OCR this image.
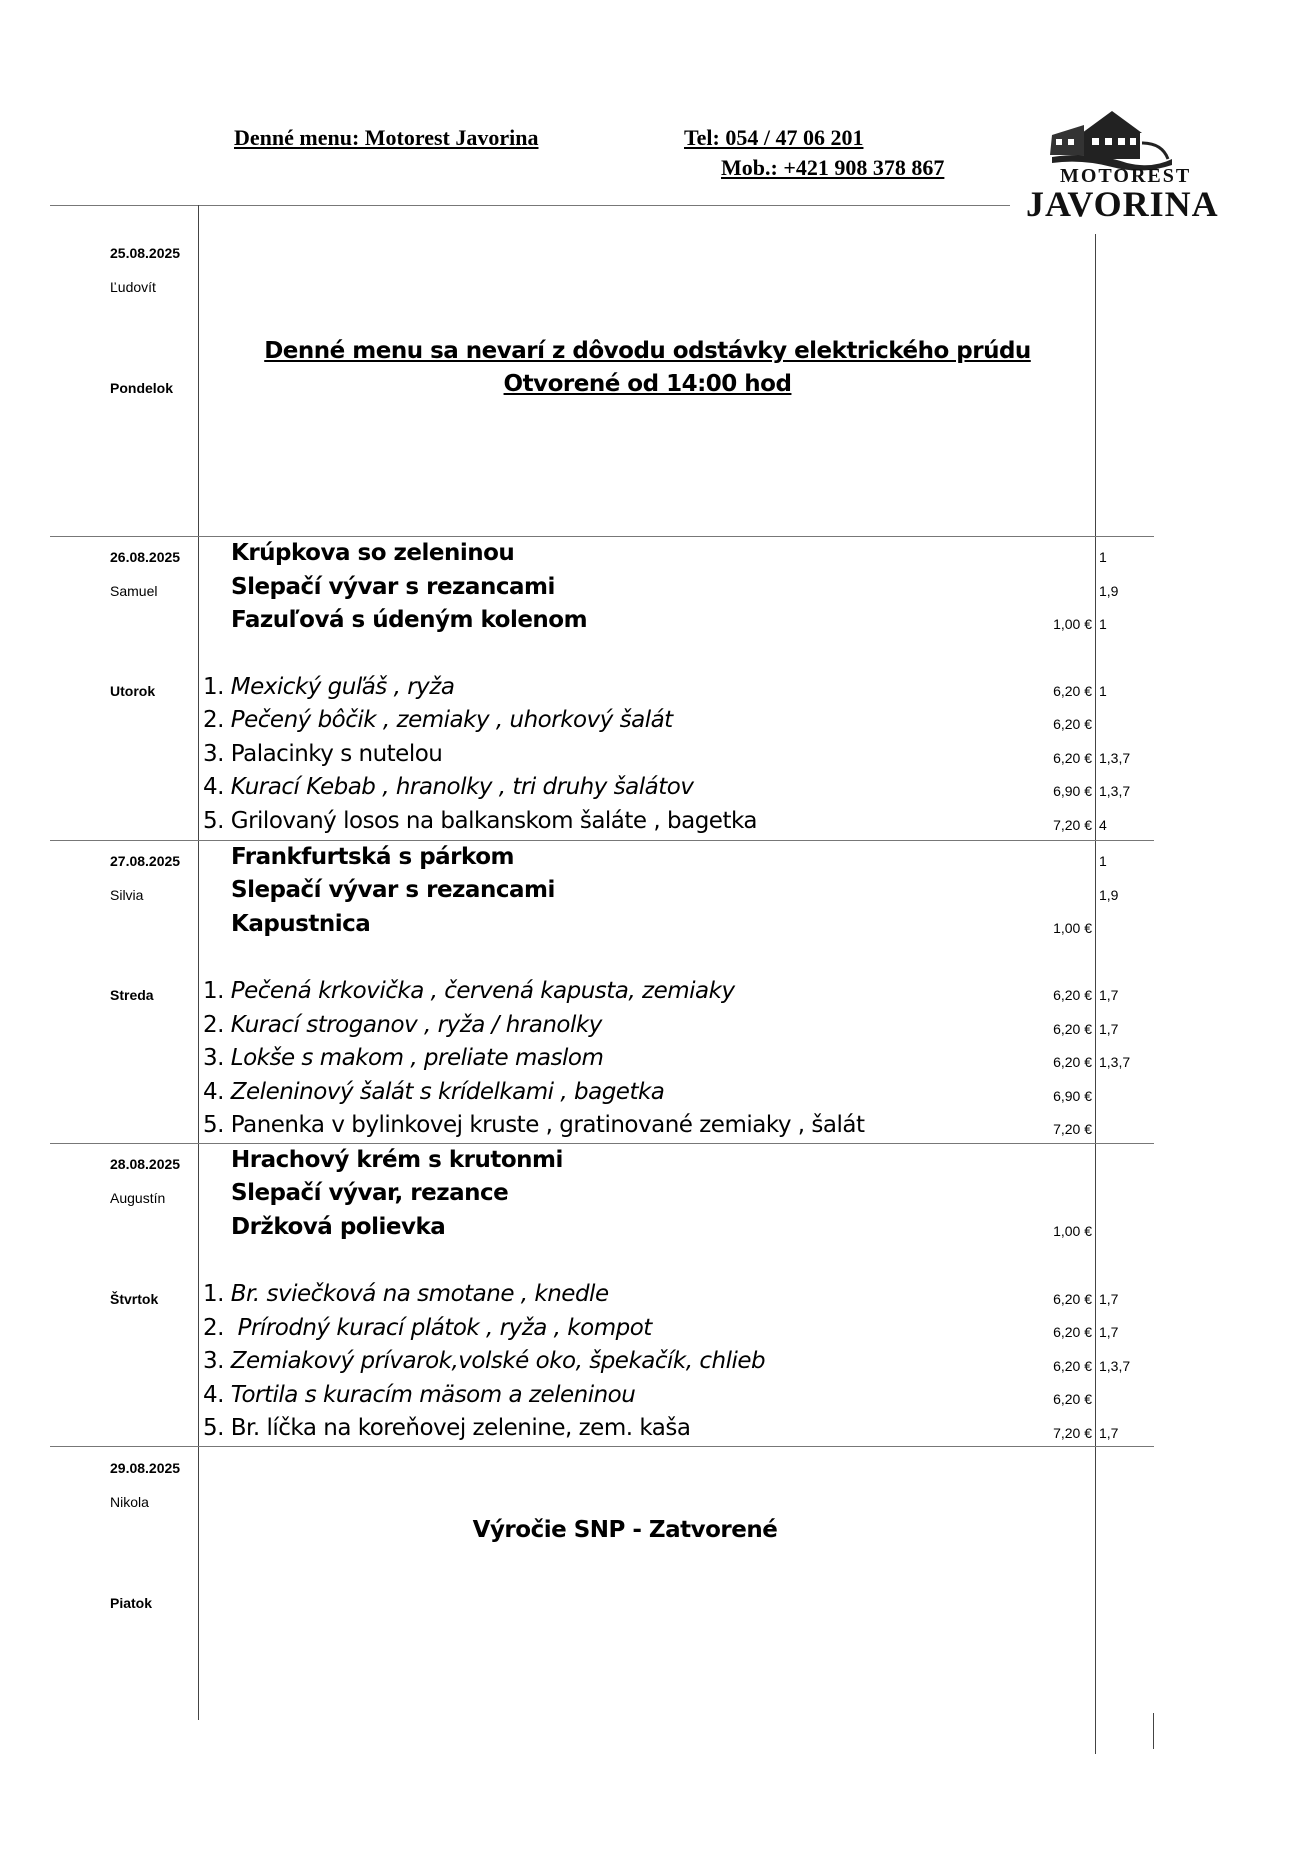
Denné menu: Motorest Javorina	Tel: 054 / 47 06 201
Mob.: +421 908 378 867	MOTOREST
JAVORINA
25.08.2025
Ľudovít
Pondelok
Denné menu sa nevarí z dôvodu odstávky elektrického prúdu
Otvorené od 14:00 hod
26.08.2025
Samuel
Utorok
Krúpkova so zeleninou	1
Slepačí vývar s rezancami	1,9
Fazuľová s údeným kolenom	1,00 € 1
1. Mexický guľáš , ryža	6,20 € 1
2. Pečený bôčik , zemiaky , uhorkový šalát	6,20 €
3. Palacinky s nutelou	6,20 € 1,3,7
4. Kurací Kebab , hranolky , tri druhy šalátov	6,90 € 1,3,7
5. Grilovaný losos na balkanskom šaláte , bagetka	7,20 € 4
27.08.2025
Silvia
Streda
Frankfurtská s párkom	1
Slepačí vývar s rezancami	1,9
Kapustnica	1,00 €
1. Pečená krkovička , červená kapusta, zemiaky	6,20 € 1,7
2. Kurací stroganov , ryža / hranolky	6,20 € 1,7
3. Lokše s makom , preliate maslom	6,20 € 1,3,7
4. Zeleninový šalát s krídelkami , bagetka	6,90 €
5. Panenka v bylinkovej kruste , gratinované zemiaky , šalát	7,20 €
28.08.2025
Augustín
Štvrtok
Hrachový krém s krutonmi
Slepačí vývar, rezance
Držková polievka	1,00 €
1. Br. sviečková na smotane , knedle	6,20 € 1,7
2.  Prírodný kurací plátok , ryža , kompot	6,20 € 1,7
3. Zemiakový prívarok,volské oko, špekačík, chlieb	6,20 € 1,3,7
4. Tortila s kuracím mäsom a zeleninou	6,20 €
5. Br. líčka na koreňovej zelenine, zem. kaša	7,20 € 1,7
29.08.2025
Nikola
Piatok
Výročie SNP - Zatvorené
